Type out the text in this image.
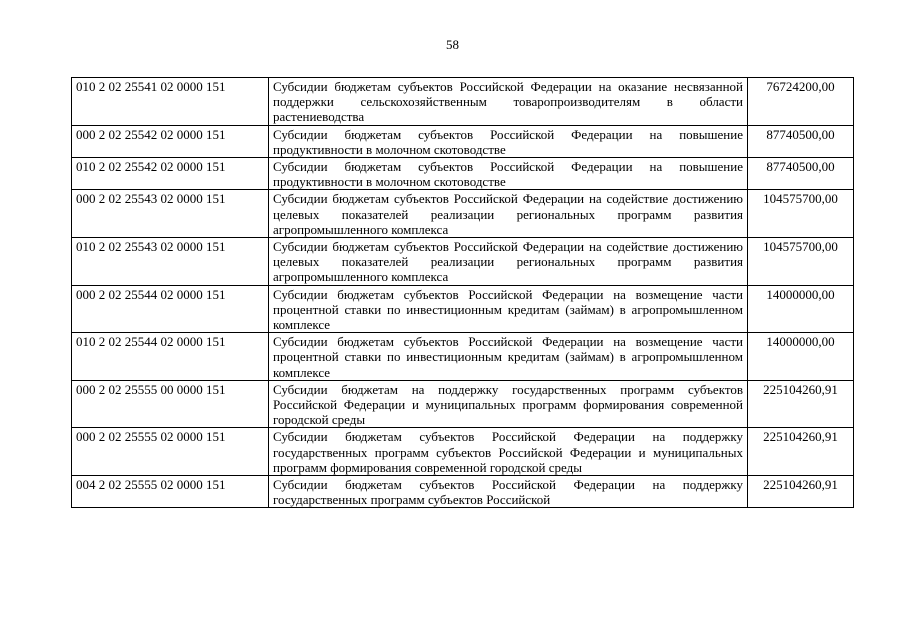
58
010 2 02 25541 02 0000 151	Субсидии бюджетам субъектов Российской Федерации на оказание несвязанной поддержки сельскохозяйственным товаропроизводителям в области растениеводства	76724200,00
000 2 02 25542 02 0000 151	Субсидии бюджетам субъектов Российской Федерации на повышение продуктивности в молочном скотоводстве	87740500,00
010 2 02 25542 02 0000 151	Субсидии бюджетам субъектов Российской Федерации на повышение продуктивности в молочном скотоводстве	87740500,00
000 2 02 25543 02 0000 151	Субсидии бюджетам субъектов Российской Федерации на содействие достижению целевых показателей реализации региональных программ развития агропромышленного комплекса	104575700,00
010 2 02 25543 02 0000 151	Субсидии бюджетам субъектов Российской Федерации на содействие достижению целевых показателей реализации региональных программ развития агропромышленного комплекса	104575700,00
000 2 02 25544 02 0000 151	Субсидии бюджетам субъектов Российской Федерации на возмещение части процентной ставки по инвестиционным кредитам (займам) в агропромышленном комплексе	14000000,00
010 2 02 25544 02 0000 151	Субсидии бюджетам субъектов Российской Федерации на возмещение части процентной ставки по инвестиционным кредитам (займам) в агропромышленном комплексе	14000000,00
000 2 02 25555 00 0000 151	Субсидии бюджетам на поддержку государственных программ субъектов Российской Федерации и муниципальных программ формирования современной городской среды	225104260,91
000 2 02 25555 02 0000 151	Субсидии бюджетам субъектов Российской Федерации на поддержку государственных программ субъектов Российской Федерации и муниципальных программ формирования современной городской среды	225104260,91
004 2 02 25555 02 0000 151	Субсидии бюджетам субъектов Российской Федерации на поддержку государственных программ субъектов Российской	225104260,91
